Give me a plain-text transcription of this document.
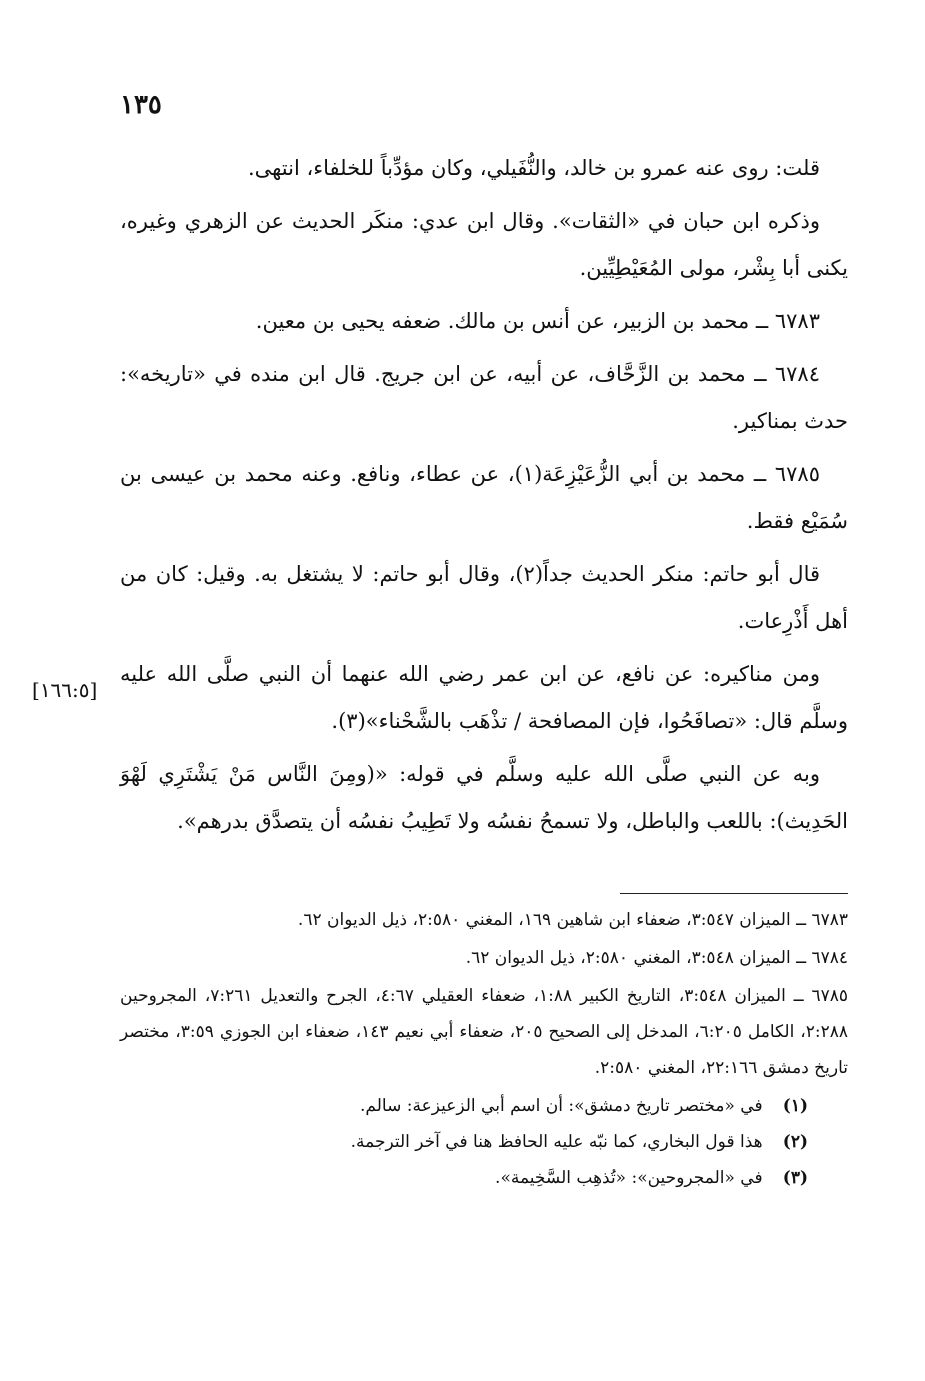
١٣٥

قلت: روى عنه عمرو بن خالد، والنُّفَيلي، وكان مؤدِّباً للخلفاء، انتهى.

وذكره ابن حبان في «الثقات». وقال ابن عدي: منكَر الحديث عن الزهري وغيره، يكنى أبا بِشْر، مولى المُعَيْطِيِّين.

٦٧٨٣ ــ محمد بن الزبير، عن أنس بن مالك. ضعفه يحيى بن معين.

٦٧٨٤ ــ محمد بن الزَّحَّاف، عن أبيه، عن ابن جريج. قال ابن منده في «تاريخه»: حدث بمناكير.

٦٧٨٥ ــ محمد بن أبي الزُّعَيْزِعَة(١)، عن عطاء، ونافع. وعنه محمد بن عيسى بن سُمَيْع فقط.

قال أبو حاتم: منكر الحديث جداً(٢)، وقال أبو حاتم: لا يشتغل به. وقيل: كان من أهل أَذْرِعات.

ومن مناكيره: عن نافع، عن ابن عمر رضي الله عنهما أن النبي صلَّى الله عليه وسلَّم قال: «تصافَحُوا، فإن المصافحة / تذْهَب بالشَّحْناء»(٣).

وبه عن النبي صلَّى الله عليه وسلَّم في قوله: «(ومِنَ النَّاس مَنْ يَشْتَرِي لَهْوَ الحَدِيث): باللعب والباطل، ولا تسمحُ نفسُه ولا تَطِيبُ نفسُه أن يتصدَّق بدرهم».

[١٦٦:٥]

٦٧٨٣ ــ الميزان ٣:٥٤٧، ضعفاء ابن شاهين ١٦٩، المغني ٢:٥٨٠، ذيل الديوان ٦٢.

٦٧٨٤ ــ الميزان ٣:٥٤٨، المغني ٢:٥٨٠، ذيل الديوان ٦٢.

٦٧٨٥ ــ الميزان ٣:٥٤٨، التاريخ الكبير ١:٨٨، ضعفاء العقيلي ٤:٦٧، الجرح والتعديل ٧:٢٦١، المجروحين ٢:٢٨٨، الكامل ٦:٢٠٥، المدخل إلى الصحيح ٢٠٥، ضعفاء أبي نعيم ١٤٣، ضعفاء ابن الجوزي ٣:٥٩، مختصر تاريخ دمشق ٢٢:١٦٦، المغني ٢:٥٨٠.

(١) في «مختصر تاريخ دمشق»: أن اسم أبي الزعيزعة: سالم.

(٢) هذا قول البخاري، كما نبّه عليه الحافظ هنا في آخر الترجمة.

(٣) في «المجروحين»: «تُذهِب السَّخِيمة».
